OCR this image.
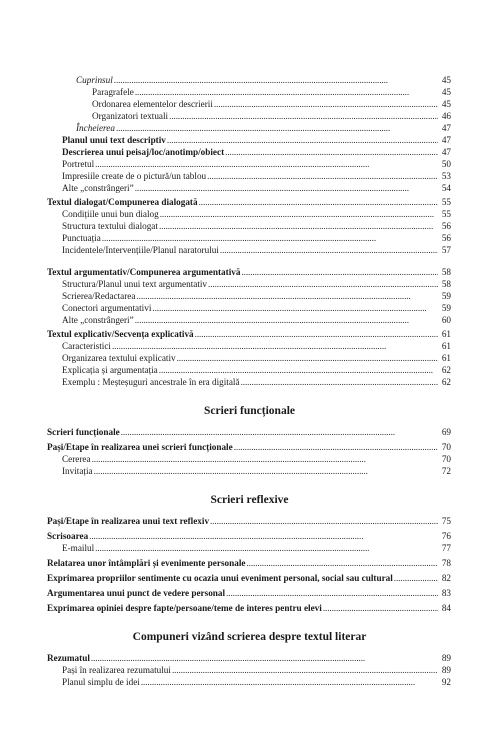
Cuprinsul . . .	45
Paragrafele . . .	45
Ordonarea elementelor descrierii . . .	45
Organizatori textuali . . .	46
Încheierea . . .	47
Planul unui text descriptiv . . .	47
Descrierea unui peisaj/loc/anotimp/obiect . . .	47
Portretul . . .	50
Impresiile create de o pictură/un tablou . . .	53
Alte „constrângeri” . . .	54
Textul dialogat/Compunerea dialogată . . .	55
Condițiile unui bun dialog . . .	55
Structura textului dialogat . . .	56
Punctuația . . .	56
Incidentele/Intervențiile/Planul naratorului . . .	57
Textul argumentativ/Compunerea argumentativă . . .	58
Structura/Planul unui text argumentativ . . .	58
Scrierea/Redactarea . . .	59
Conectori argumentativi . . .	59
Alte „constrângeri” . . .	60
Textul explicativ/Secvența explicativă . . .	61
Caracteristici . . .	61
Organizarea textului explicativ . . .	61
Explicația și argumentația . . .	62
Exemplu : Meșteșuguri ancestrale în era digitală . . .	62
Scrieri funcționale
Scrieri funcționale . . .	69
Pași/Etape în realizarea unei scrieri funcționale . . .	70
Cererea . . .	70
Invitația . . .	72
Scrieri reflexive
Pași/Etape în realizarea unui text reflexiv . . .	75
Scrisoarea . . .	76
E-mailul . . .	77
Relatarea unor întâmplări și evenimente personale . . .	78
Exprimarea propriilor sentimente cu ocazia unui eveniment personal, social sau cultural . . .	82
Argumentarea unui punct de vedere personal . . .	83
Exprimarea opiniei despre fapte/persoane/teme de interes pentru elevi . . .	84
Compuneri vizând scrierea despre textul literar
Rezumatul . . .	89
Pași în realizarea rezumatului . . .	89
Planul simplu de idei . . .	92
